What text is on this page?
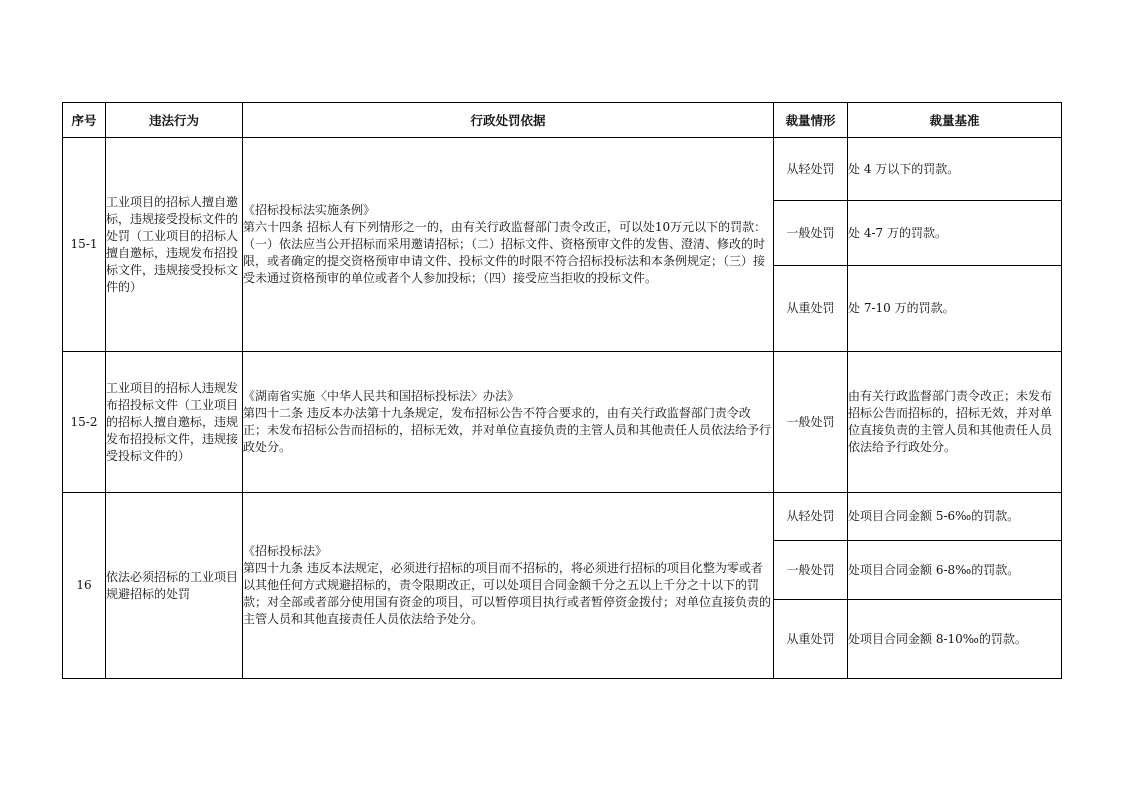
序号	违法行为	行政处罚依据	裁量情形	裁量基准
15-1	工业项目的招标人擅自邀标，违规接受投标文件的处罚（工业项目的招标人擅自邀标，违规发布招投标文件，违规接受投标文件的）	《招标投标法实施条例》
第六十四条 招标人有下列情形之一的，由有关行政监督部门责令改正，可以处10万元以下的罚款：（一）依法应当公开招标而采用邀请招标；（二）招标文件、资格预审文件的发售、澄清、修改的时限，或者确定的提交资格预审申请文件、投标文件的时限不符合招标投标法和本条例规定；（三）接受未通过资格预审的单位或者个人参加投标；（四）接受应当拒收的投标文件。	从轻处罚	处 4 万以下的罚款。
			一般处罚	处 4-7 万的罚款。
			从重处罚	处 7-10 万的罚款。
15-2	工业项目的招标人违规发布招投标文件（工业项目的招标人擅自邀标，违规发布招投标文件，违规接受投标文件的）	《湖南省实施〈中华人民共和国招标投标法〉办法》
第四十二条 违反本办法第十九条规定，发布招标公告不符合要求的，由有关行政监督部门责令改正；未发布招标公告而招标的，招标无效，并对单位直接负责的主管人员和其他责任人员依法给予行政处分。	一般处罚	由有关行政监督部门责令改正；未发布招标公告而招标的，招标无效，并对单位直接负责的主管人员和其他责任人员依法给予行政处分。
16	依法必须招标的工业项目规避招标的处罚	《招标投标法》
第四十九条 违反本法规定，必须进行招标的项目而不招标的，将必须进行招标的项目化整为零或者以其他任何方式规避招标的，责令限期改正，可以处项目合同金额千分之五以上千分之十以下的罚款；对全部或者部分使用国有资金的项目，可以暂停项目执行或者暂停资金拨付；对单位直接负责的主管人员和其他直接责任人员依法给予处分。	从轻处罚	处项目合同金额 5-6‰的罚款。
			一般处罚	处项目合同金额 6-8‰的罚款。
			从重处罚	处项目合同金额 8-10‰的罚款。
